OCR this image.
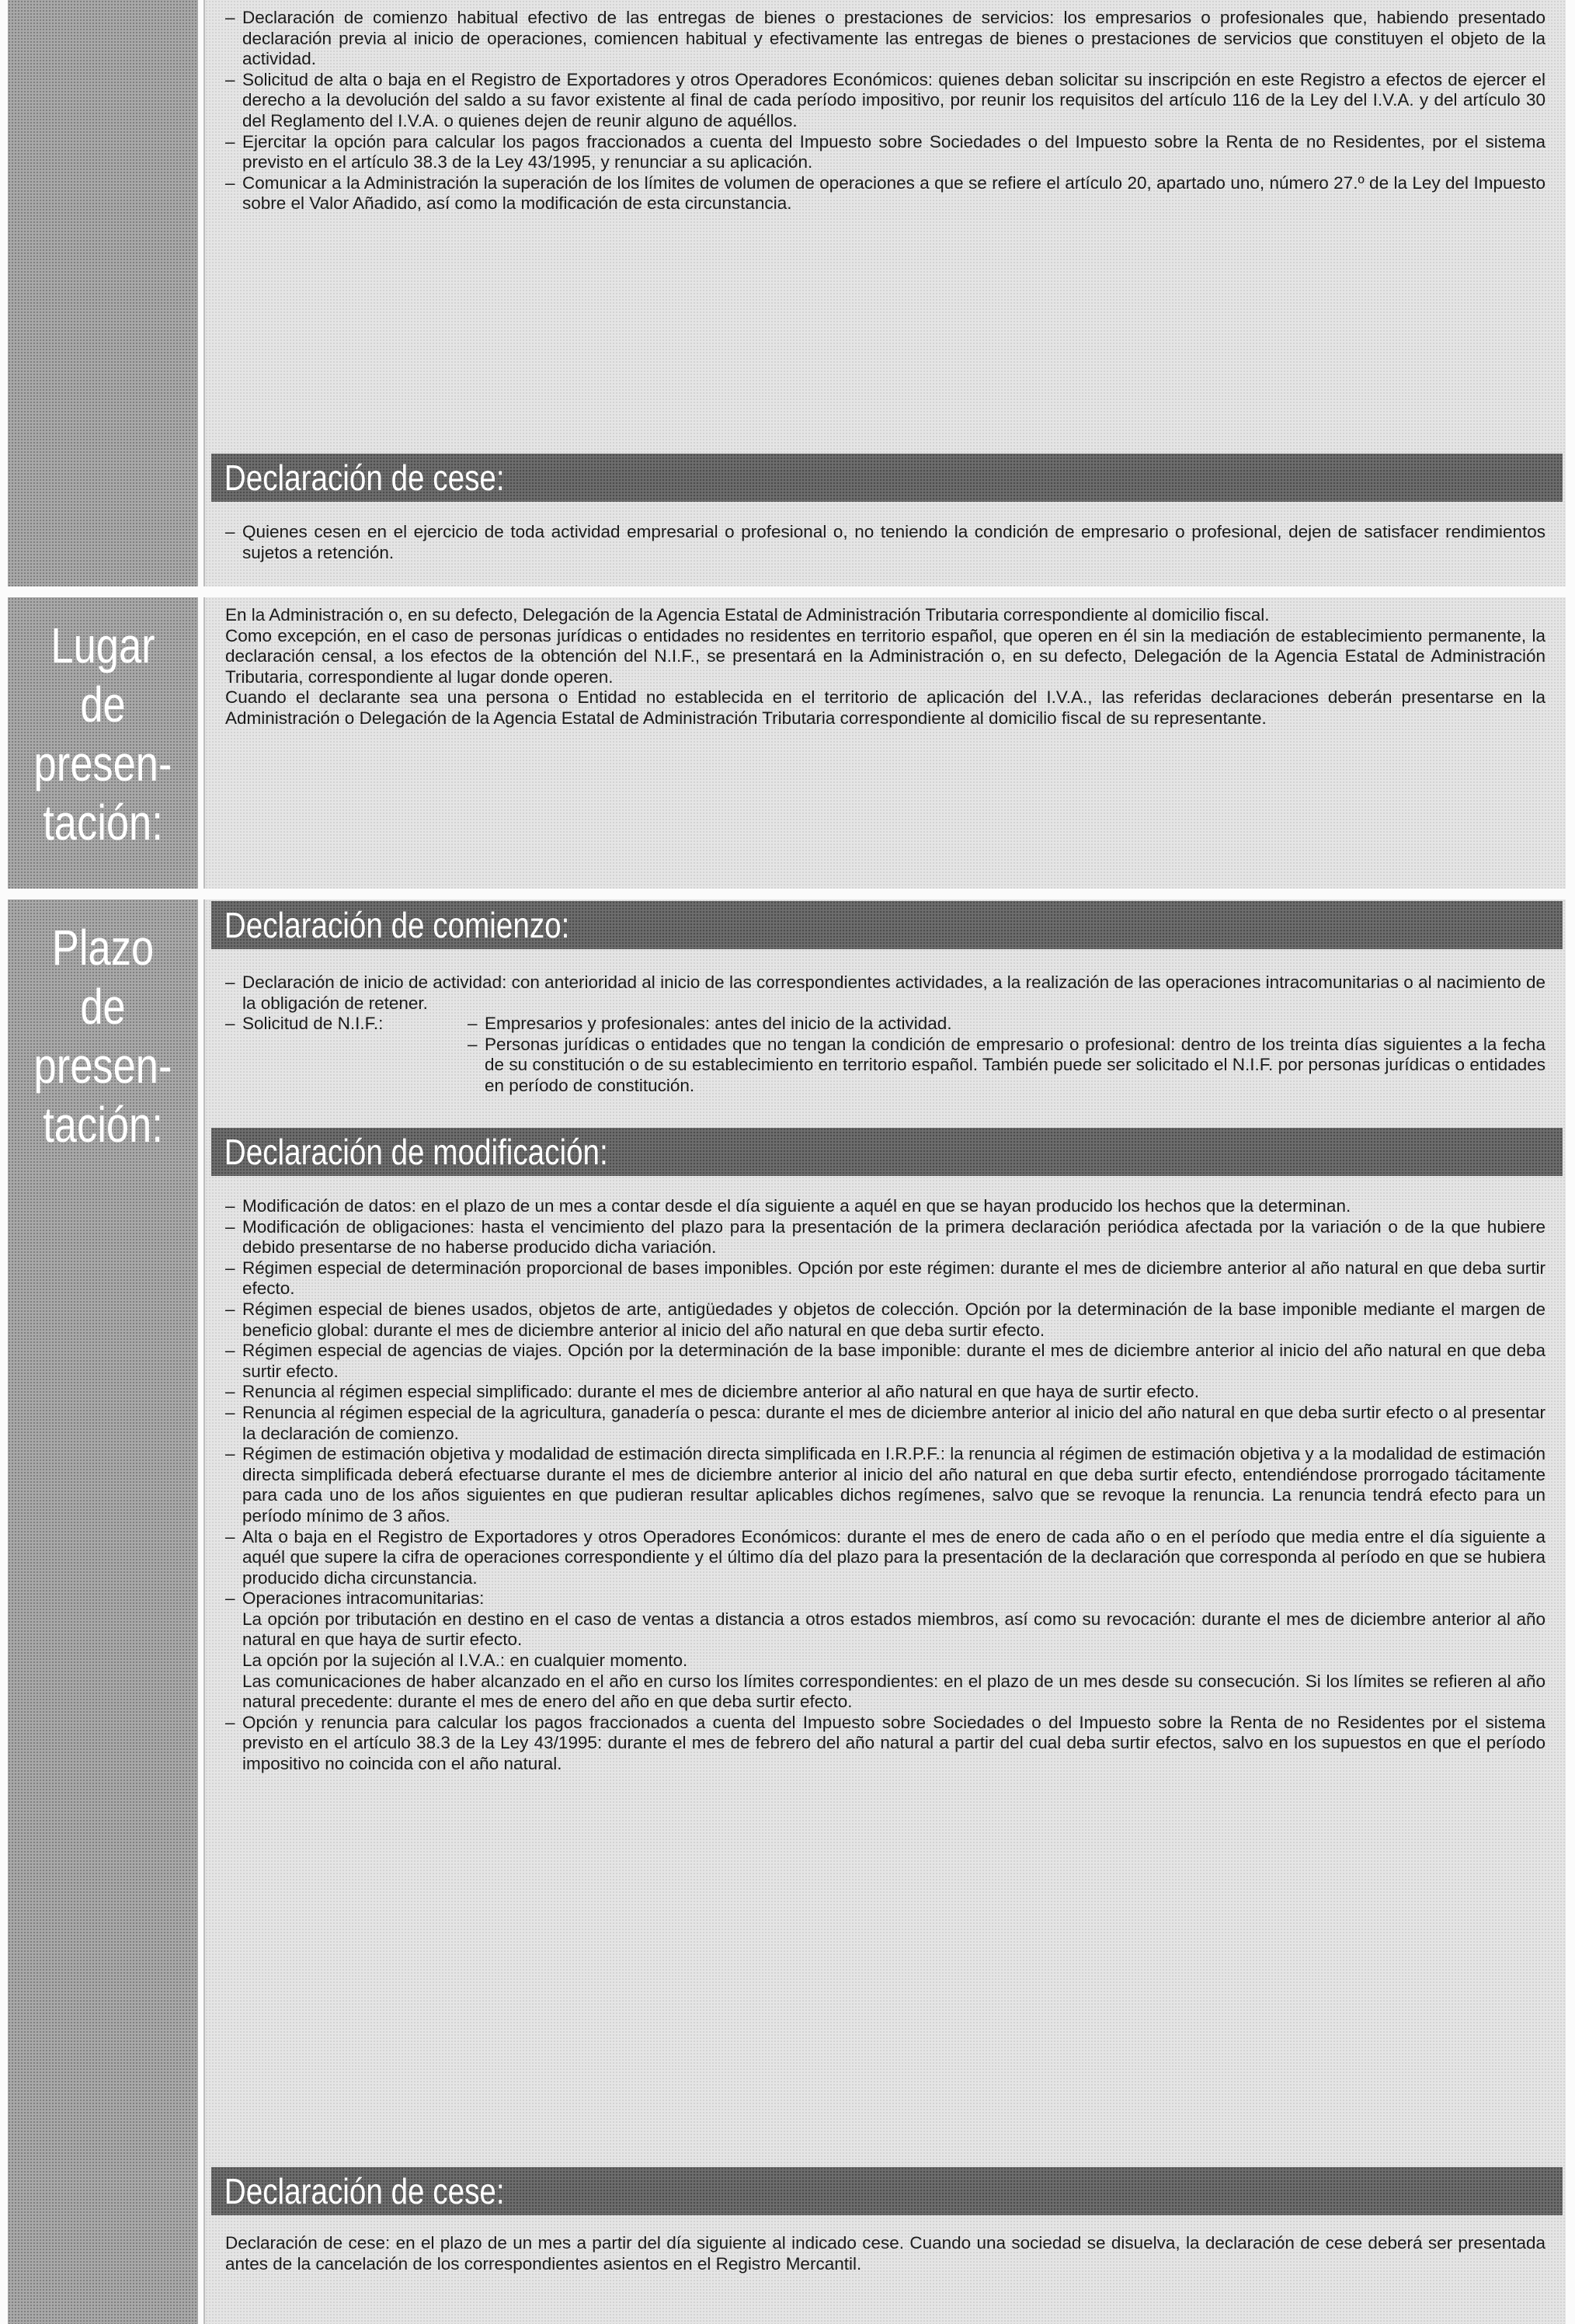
– Declaración de comienzo habitual efectivo de las entregas de bienes o prestaciones de servicios: los empresarios o profesionales que, habiendo presentado declaración previa al inicio de operaciones, comiencen habitual y efectivamente las entregas de bienes o prestaciones de servicios que constituyen el objeto de la actividad.

– Solicitud de alta o baja en el Registro de Exportadores y otros Operadores Económicos: quienes deban solicitar su inscripción en este Registro a efectos de ejercer el derecho a la devolución del saldo a su favor existente al final de cada período impositivo, por reunir los requisitos del artículo 116 de la Ley del I.V.A. y del artículo 30 del Reglamento del I.V.A. o quienes dejen de reunir alguno de aquéllos.

– Ejercitar la opción para calcular los pagos fraccionados a cuenta del Impuesto sobre Sociedades o del Impuesto sobre la Renta de no Residentes, por el sistema previsto en el artículo 38.3 de la Ley 43/1995, y renunciar a su aplicación.

– Comunicar a la Administración la superación de los límites de volumen de operaciones a que se refiere el artículo 20, apartado uno, número 27.º de la Ley del Impuesto sobre el Valor Añadido, así como la modificación de esta circunstancia.

Declaración de cese:

– Quienes cesen en el ejercicio de toda actividad empresarial o profesional o, no teniendo la condición de empresario o profesional, dejen de satisfacer rendimientos sujetos a retención.

Lugar de
presen-
tación:

En la Administración o, en su defecto, Delegación de la Agencia Estatal de Administración Tributaria correspondiente al domicilio fiscal.

Como excepción, en el caso de personas jurídicas o entidades no residentes en territorio español, que operen en él sin la mediación de establecimiento permanente, la declaración censal, a los efectos de la obtención del N.I.F., se presentará en la Administración o, en su defecto, Delegación de la Agencia Estatal de Administración Tributaria, correspondiente al lugar donde operen.

Cuando el declarante sea una persona o Entidad no establecida en el territorio de aplicación del I.V.A., las referidas declaraciones deberán presentarse en la Administración o Delegación de la Agencia Estatal de Administración Tributaria correspondiente al domicilio fiscal de su representante.

Plazo de
presen-
tación:
Declaración de comienzo:

– Declaración de inicio de actividad: con anterioridad al inicio de las correspondientes actividades, a la realización de las operaciones intracomunitarias o al nacimiento de la obligación de retener.

– Solicitud de N.I.F.:

–	Empresarios y profesionales: antes del inicio de la actividad.

– Personas jurídicas o entidades que no tengan la condición de empresario o profesional: dentro de los treinta días siguientes a la fecha de su constitución o de su establecimiento en territorio español. También puede ser solicitado el N.I.F. por personas jurídicas o entidades en período de constitución.

Declaración de modificación:

– Modificación de datos: en el plazo de un mes a contar desde el día siguiente a aquél en que se hayan producido los hechos que la determinan.

– Modificación de obligaciones: hasta el vencimiento del plazo para la presentación de la primera declaración periódica afectada por la variación o de la que hubiere debido presentarse de no haberse producido dicha variación.

– Régimen especial de determinación proporcional de bases imponibles. Opción por este régimen: durante el mes de diciembre anterior al año natural en que deba surtir efecto.

– Régimen especial de bienes usados, objetos de arte, antigüedades y objetos de colección. Opción por la determinación de la base imponible mediante el margen de beneficio global: durante el mes de diciembre anterior al inicio del año natural en que deba surtir efecto.

– Régimen especial de agencias de viajes. Opción por la determinación de la base imponible: durante el mes de diciembre anterior al inicio del año natural en que deba surtir efecto.

– Renuncia al régimen especial simplificado: durante el mes de diciembre anterior al año natural en que haya de surtir efecto.

– Renuncia al régimen especial de la agricultura, ganadería o pesca: durante el mes de diciembre anterior al inicio del año natural en que deba surtir efecto o al presentar la declaración de comienzo.

– Régimen de estimación objetiva y modalidad de estimación directa simplificada en I.R.P.F.: la renuncia al régimen de estimación objetiva y a la modalidad de estimación directa simplificada deberá efectuarse durante el mes de diciembre anterior al inicio del año natural en que deba surtir efecto, entendiéndose prorrogado tácitamente para cada uno de los años siguientes en que pudieran resultar aplicables dichos regímenes, salvo que se revoque la renuncia. La renuncia tendrá efecto para un período mínimo de 3 años.

– Alta o baja en el Registro de Exportadores y otros Operadores Económicos: durante el mes de enero de cada año o en el período que media entre el día siguiente a aquél que supere la cifra de operaciones correspondiente y el último día del plazo para la presentación de la declaración que corresponda al período en que se hubiera producido dicha circunstancia.

– Operaciones intracomunitarias:

La opción por tributación en destino en el caso de ventas a distancia a otros estados miembros, así como su revocación: durante el mes de diciembre anterior al año natural en que haya de surtir efecto.

La opción por la sujeción al I.V.A.: en cualquier momento.

Las comunicaciones de haber alcanzado en el año en curso los límites correspondientes: en el plazo de un mes desde su consecución. Si los límites se refieren al año natural precedente: durante el mes de enero del año en que deba surtir efecto.

– Opción y renuncia para calcular los pagos fraccionados a cuenta del Impuesto sobre Sociedades o del Impuesto sobre la Renta de no Residentes por el sistema previsto en el artículo 38.3 de la Ley 43/1995: durante el mes de febrero del año natural a partir del cual deba surtir efectos, salvo en los supuestos en que el período impositivo no coincida con el año natural.

Declaración de cese:

Declaración de cese: en el plazo de un mes a partir del día siguiente al indicado cese. Cuando una sociedad se disuelva, la declaración de cese deberá ser presentada antes de la cancelación de los correspondientes asientos en el Registro Mercantil.
